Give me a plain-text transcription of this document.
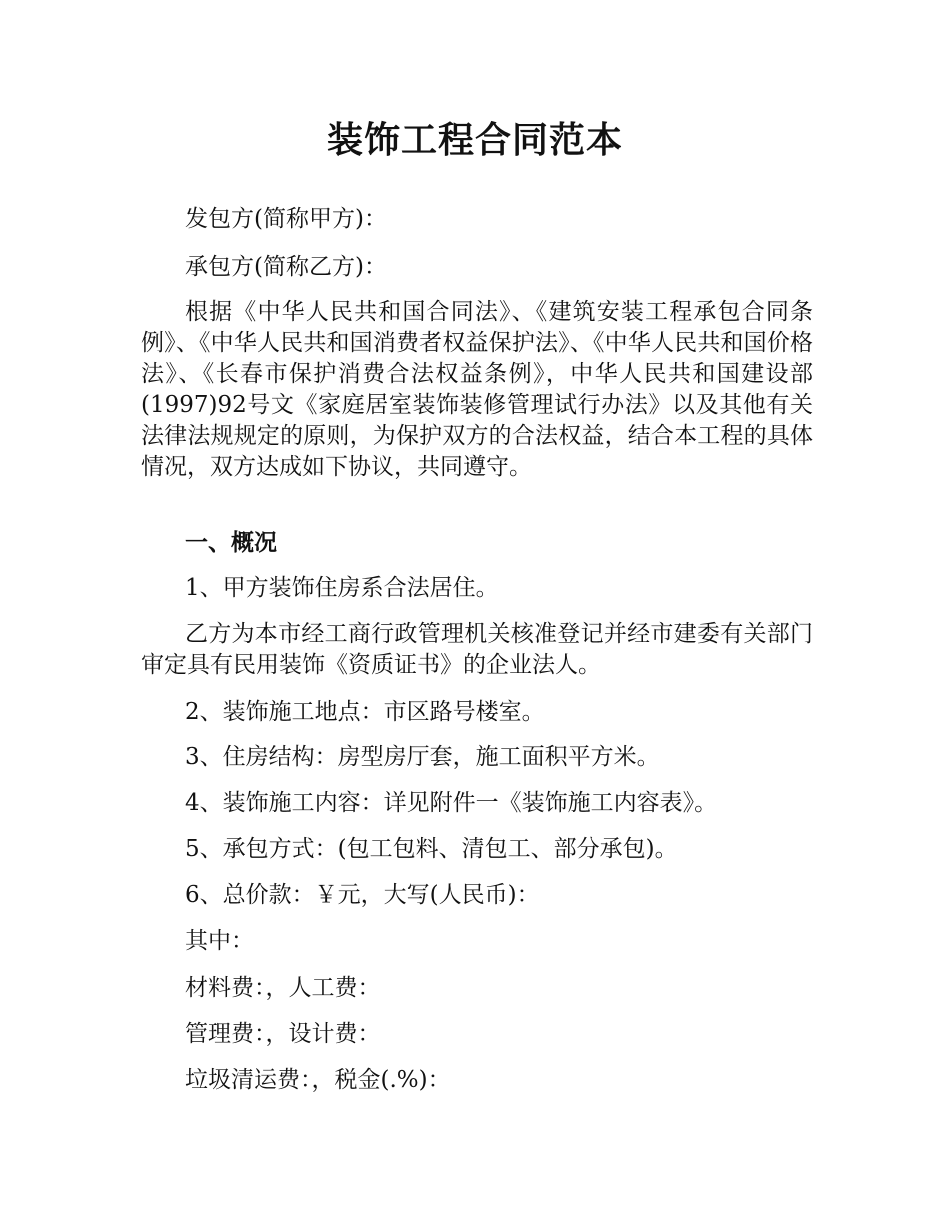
装饰工程合同范本

发包方(简称甲方)：

承包方(简称乙方)：

根据《中华人民共和国合同法》、《建筑安装工程承包合同条例》、《中华人民共和国消费者权益保护法》、《中华人民共和国价格法》、《长春市保护消费合法权益条例》，中华人民共和国建设部(1997)92号文《家庭居室装饰装修管理试行办法》以及其他有关法律法规规定的原则，为保护双方的合法权益，结合本工程的具体情况，双方达成如下协议，共同遵守。

一、概况

1、甲方装饰住房系合法居住。

乙方为本市经工商行政管理机关核准登记并经市建委有关部门审定具有民用装饰《资质证书》的企业法人。

2、装饰施工地点：市区路号楼室。

3、住房结构：房型房厅套，施工面积平方米。

4、装饰施工内容：详见附件一《装饰施工内容表》。

5、承包方式：(包工包料、清包工、部分承包)。

6、总价款：￥元，大写(人民币)：

其中：

材料费：，人工费：

管理费：，设计费：

垃圾清运费：，税金(.%)：
